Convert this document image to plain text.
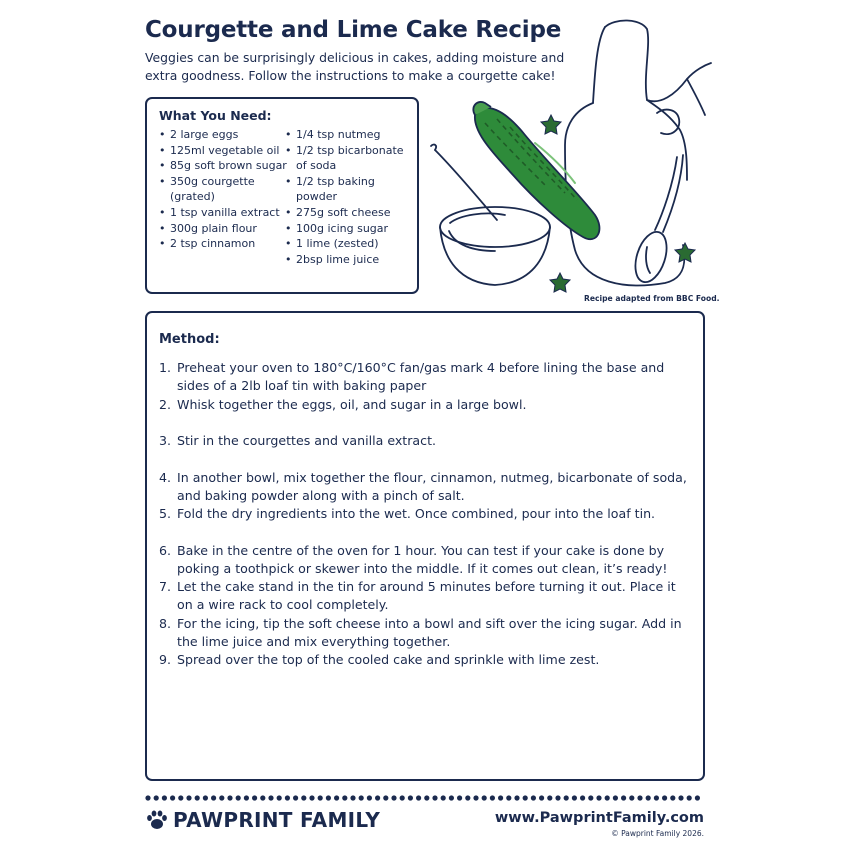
Courgette and Lime Cake Recipe

Veggies can be surprisingly delicious in cakes, adding moisture and extra goodness. Follow the instructions to make a courgette cake!

What You Need:
• 2 large eggs
• 125ml vegetable oil
• 85g soft brown sugar
• 350g courgette (grated)
• 1 tsp vanilla extract
• 300g plain flour
• 2 tsp cinnamon
• 1/4 tsp nutmeg
• 1/2 tsp bicarbonate of soda
• 1/2 tsp baking powder
• 275g soft cheese
• 100g icing sugar
• 1 lime (zested)
• 2bsp lime juice
Recipe adapted from BBC Food.
Method:
1. Preheat your oven to 180°C/160°C fan/gas mark 4 before lining the base and sides of a 2lb loaf tin with baking paper
2. Whisk together the eggs, oil, and sugar in a large bowl.
3. Stir in the courgettes and vanilla extract.
4. In another bowl, mix together the flour, cinnamon, nutmeg, bicarbonate of soda, and baking powder along with a pinch of salt.
5. Fold the dry ingredients into the wet. Once combined, pour into the loaf tin.
6. Bake in the centre of the oven for 1 hour. You can test if your cake is done by poking a toothpick or skewer into the middle. If it comes out clean, it’s ready!
7. Let the cake stand in the tin for around 5 minutes before turning it out. Place it on a wire rack to cool completely.
8. For the icing, tip the soft cheese into a bowl and sift over the icing sugar. Add in the lime juice and mix everything together.
9. Spread over the top of the cooled cake and sprinkle with lime zest.
PAWPRINT FAMILY	www.PawprintFamily.com
© Pawprint Family 2026.
